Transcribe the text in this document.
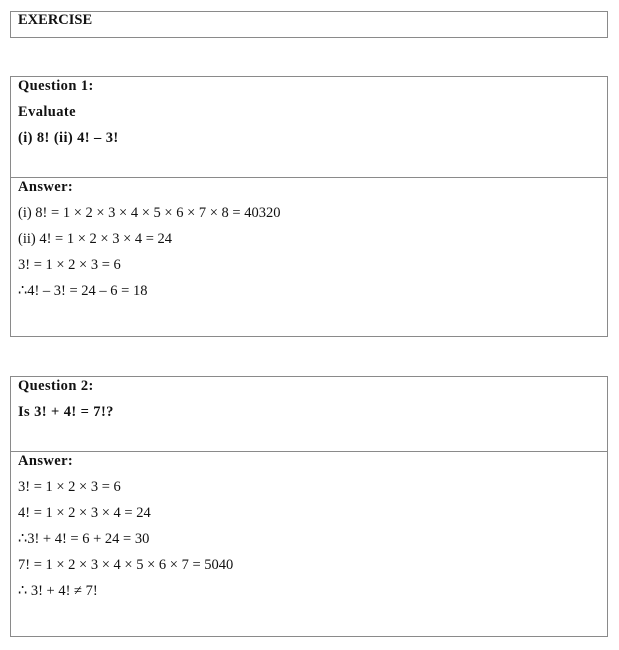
EXERCISE
Question 1:
Evaluate
(i) 8! (ii) 4! – 3!
Answer:
(i) 8! = 1 × 2 × 3 × 4 × 5 × 6 × 7 × 8 = 40320
(ii) 4! = 1 × 2 × 3 × 4 = 24
3! = 1 × 2 × 3 = 6
∴4! – 3! = 24 – 6 = 18
Question 2:
Is 3! + 4! = 7!?
Answer:
3! = 1 × 2 × 3 = 6
4! = 1 × 2 × 3 × 4 = 24
∴3! + 4! = 6 + 24 = 30
7! = 1 × 2 × 3 × 4 × 5 × 6 × 7 = 5040
∴ 3! + 4! ≠ 7!
